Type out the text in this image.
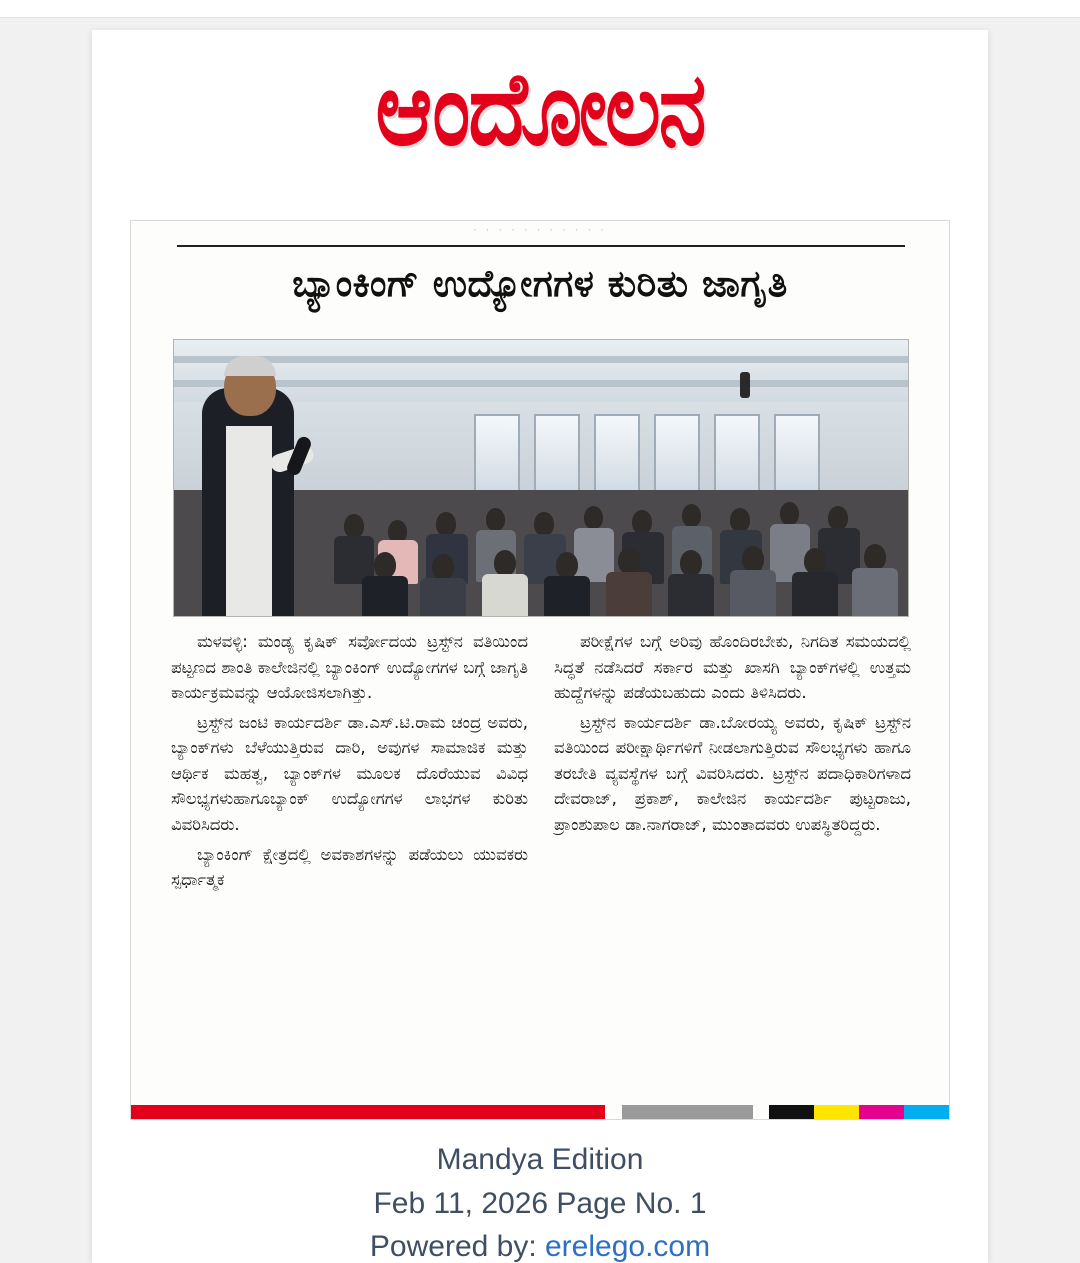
ಆಂದೋಲನ
· · · · · · · · · · ·
ಬ್ಯಾಂಕಿಂಗ್ ಉದ್ಯೋಗಗಳ ಕುರಿತು ಜಾಗೃತಿ

ಮಳವಳ್ಳಿ: ಮಂಡ್ಯ ಕೃಷಿಕ್ ಸರ್ವೋದಯ ಟ್ರಸ್ಟ್‌ನ ವತಿಯಿಂದ ಪಟ್ಟಣದ ಶಾಂತಿ ಕಾಲೇಜಿನಲ್ಲಿ ಬ್ಯಾಂಕಿಂಗ್ ಉದ್ಯೋಗಗಳ ಬಗ್ಗೆ ಜಾಗೃತಿ ಕಾರ್ಯಕ್ರಮವನ್ನು ಆಯೋಜಿಸಲಾಗಿತ್ತು.

ಟ್ರಸ್ಟ್‌ನ ಜಂಟಿ ಕಾರ್ಯದರ್ಶಿ ಡಾ.ಎಸ್.ಟಿ.ರಾಮ ಚಂದ್ರ ಅವರು, ಬ್ಯಾಂಕ್‌ಗಳು ಬೆಳೆಯುತ್ತಿರುವ ದಾರಿ, ಅವುಗಳ ಸಾಮಾಜಿಕ ಮತ್ತು ಆರ್ಥಿಕ ಮಹತ್ವ, ಬ್ಯಾಂಕ್‌ಗಳ ಮೂಲಕ ದೊರೆಯುವ ವಿವಿಧ ಸೌಲಭ್ಯಗಳುಹಾಗೂಬ್ಯಾಂಕ್ ಉದ್ಯೋಗಗಳ ಲಾಭಗಳ ಕುರಿತು ವಿವರಿಸಿದರು.

ಬ್ಯಾಂಕಿಂಗ್ ಕ್ಷೇತ್ರದಲ್ಲಿ ಅವಕಾಶಗಳನ್ನು ಪಡೆಯಲು ಯುವಕರು ಸ್ಪರ್ಧಾತ್ಮಕ

ಪರೀಕ್ಷೆಗಳ ಬಗ್ಗೆ ಅರಿವು ಹೊಂದಿರಬೇಕು, ನಿಗದಿತ ಸಮಯದಲ್ಲಿ ಸಿದ್ಧತೆ ನಡೆಸಿದರೆ ಸರ್ಕಾರ ಮತ್ತು ಖಾಸಗಿ ಬ್ಯಾಂಕ್‌ಗಳಲ್ಲಿ ಉತ್ತಮ ಹುದ್ದೆಗಳನ್ನು ಪಡೆಯಬಹುದು ಎಂದು ತಿಳಿಸಿದರು.

ಟ್ರಸ್ಟ್‌ನ ಕಾರ್ಯದರ್ಶಿ ಡಾ.ಬೋರಯ್ಯ ಅವರು, ಕೃಷಿಕ್ ಟ್ರಸ್ಟ್‌ನ ವತಿಯಿಂದ ಪರೀಕ್ಷಾರ್ಥಿಗಳಿಗೆ ನೀಡಲಾಗುತ್ತಿರುವ ಸೌಲಭ್ಯಗಳು ಹಾಗೂ ತರಬೇತಿ ವ್ಯವಸ್ಥೆಗಳ ಬಗ್ಗೆ ವಿವರಿಸಿದರು. ಟ್ರಸ್ಟ್‌ನ ಪದಾಧಿಕಾರಿಗಳಾದ ದೇವರಾಜ್, ಪ್ರಕಾಶ್, ಕಾಲೇಜಿನ ಕಾರ್ಯದರ್ಶಿ ಪುಟ್ಟರಾಜು, ಪ್ರಾಂಶುಪಾಲ ಡಾ.ನಾಗರಾಜ್, ಮುಂತಾದವರು ಉಪಸ್ಥಿತರಿದ್ದರು.

Mandya Edition
Feb 11, 2026 Page No. 1
Powered by: erelego.com
